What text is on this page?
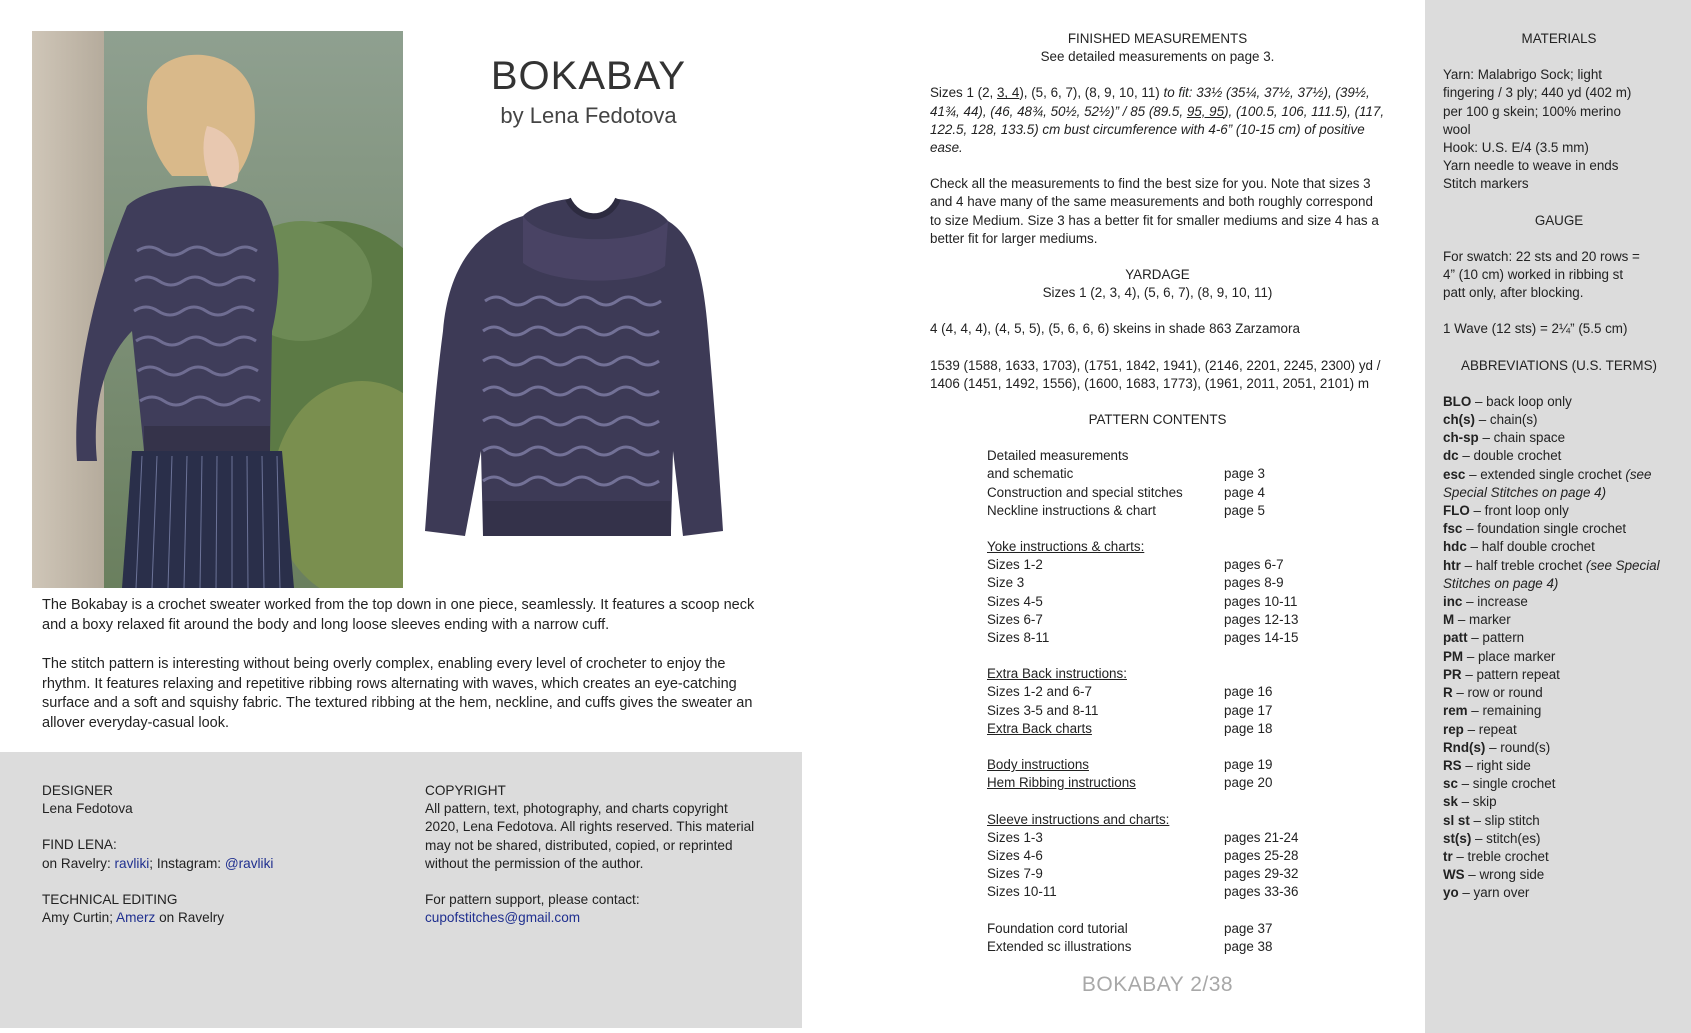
BOKABAY
by Lena Fedotova

The Bokabay is a crochet sweater worked from the top down in one piece, seamlessly. It features a scoop neck and a boxy relaxed fit around the body and long loose sleeves ending with a narrow cuff.

The stitch pattern is interesting without being overly complex, enabling every level of crocheter to enjoy the rhythm. It features relaxing and repetitive ribbing rows alternating with waves, which creates an eye-catching surface and a soft and squishy fabric. The textured ribbing at the hem, neckline, and cuffs gives the sweater an allover everyday-casual look.

DESIGNER
Lena Fedotova
FIND LENA:
on Ravelry: ravliki; Instagram: @ravliki
TECHNICAL EDITING
Amy Curtin; Amerz on Ravelry
COPYRIGHT
All pattern, text, photography, and charts copyright
2020, Lena Fedotova. All rights reserved. This material
may not be shared, distributed, copied, or reprinted
without the permission of the author.
For pattern support, please contact:
cupofstitches@gmail.com
FINISHED MEASUREMENTS
See detailed measurements on page 3.

Sizes 1 (2, 3, 4), (5, 6, 7), (8, 9, 10, 11) to fit: 33½ (35¼, 37½, 37½), (39½, 41¾, 44), (46, 48¾, 50½, 52½)” / 85 (89.5, 95, 95), (100.5, 106, 111.5), (117, 122.5, 128, 133.5) cm bust circumference with 4-6” (10-15 cm) of positive ease.

Check all the measurements to find the best size for you. Note that sizes 3 and 4 have many of the same measurements and both roughly correspond to size Medium. Size 3 has a better fit for smaller mediums and size 4 has a better fit for larger mediums.

YARDAGE
Sizes 1 (2, 3, 4), (5, 6, 7), (8, 9, 10, 11)

4 (4, 4, 4), (4, 5, 5), (5, 6, 6, 6) skeins in shade 863 Zarzamora

1539 (1588, 1633, 1703), (1751, 1842, 1941), (2146, 2201, 2245, 2300) yd /
1406 (1451, 1492, 1556), (1600, 1683, 1773), (1961, 2011, 2051, 2101) m
PATTERN CONTENTS
Detailed measurements
and schematic	page 3
Construction and special stitches	page 4
Neckline instructions & chart	page 5
Yoke instructions & charts:
Sizes 1-2	pages 6-7
Size 3	pages 8-9
Sizes 4-5	pages 10-11
Sizes 6-7	pages 12-13
Sizes 8-11	pages 14-15
Extra Back instructions:
Sizes 1-2 and 6-7	page 16
Sizes 3-5 and 8-11	page 17
Extra Back charts	page 18
Body instructions	page 19
Hem Ribbing instructions	page 20
Sleeve instructions and charts:
Sizes 1-3	pages 21-24
Sizes 4-6	pages 25-28
Sizes 7-9	pages 29-32
Sizes 10-11	pages 33-36
Foundation cord tutorial	page 37
Extended sc illustrations	page 38
BOKABAY 2/38
MATERIALS
Yarn: Malabrigo Sock; light
fingering / 3 ply; 440 yd (402 m)
per 100 g skein; 100% merino
wool
Hook: U.S. E/4 (3.5 mm)
Yarn needle to weave in ends
Stitch markers
GAUGE
For swatch: 22 sts and 20 rows =
4” (10 cm) worked in ribbing st
patt only, after blocking.
1 Wave (12 sts) = 2¼” (5.5 cm)
ABBREVIATIONS (U.S. TERMS)
BLO – back loop only
ch(s) – chain(s)
ch-sp – chain space
dc – double crochet
esc – extended single crochet (see Special Stitches on page 4)
FLO – front loop only
fsc – foundation single crochet
hdc – half double crochet
htr – half treble crochet (see Special Stitches on page 4)
inc – increase
M – marker
patt – pattern
PM – place marker
PR – pattern repeat
R – row or round
rem – remaining
rep – repeat
Rnd(s) – round(s)
RS – right side
sc – single crochet
sk – skip
sl st – slip stitch
st(s) – stitch(es)
tr – treble crochet
WS – wrong side
yo – yarn over
